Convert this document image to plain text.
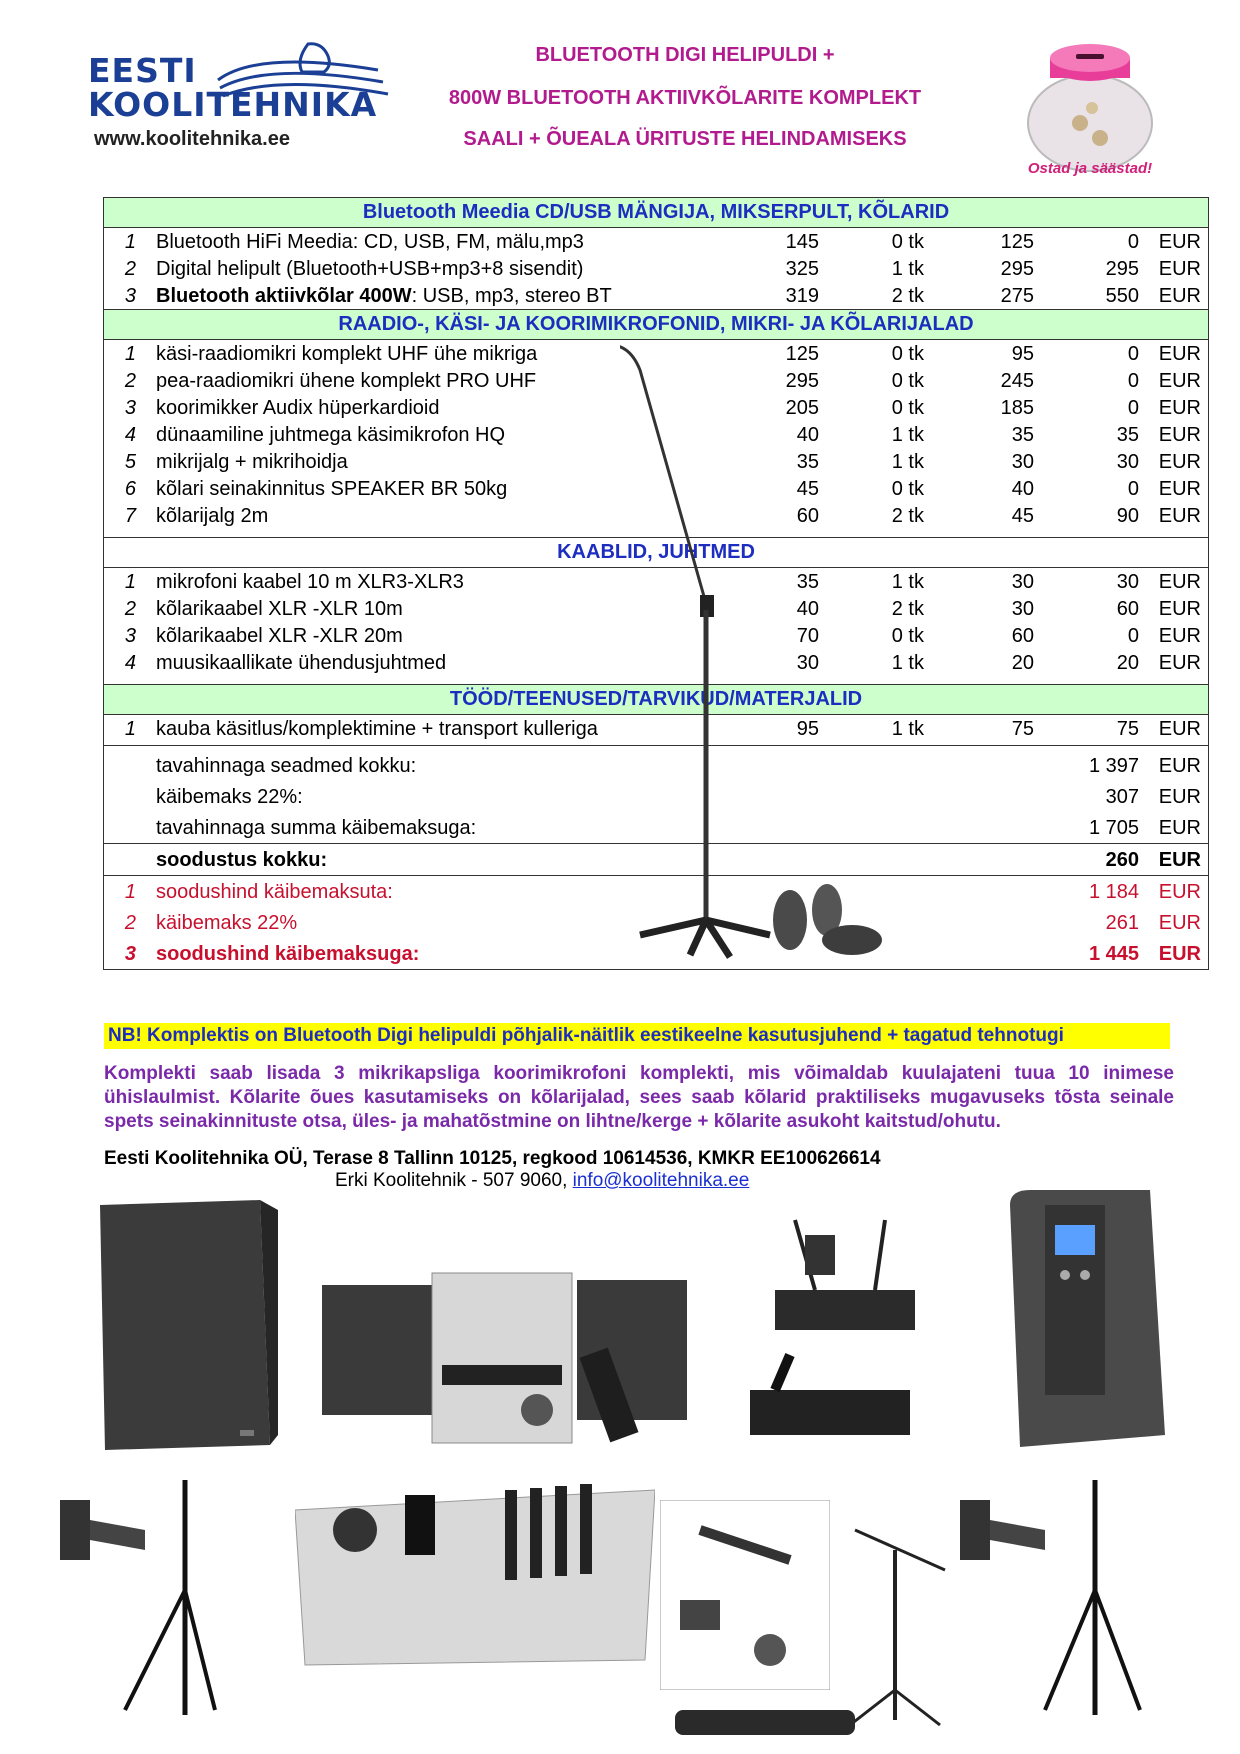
EESTI
KOOLITEHNIKA
www.koolitehnika.ee
BLUETOOTH DIGI HELIPULDI +
800W BLUETOOTH AKTIIVKÕLARITE KOMPLEKT
SAALI + ÕUEALA ÜRITUSTE HELINDAMISEKS
Ostad ja säästad!
Bluetooth Meedia CD/USB MÄNGIJA, MIKSERPULT, KÕLARID
1 Bluetooth HiFi Meedia: CD, USB, FM, mälu,mp3	145	0 tk	125	0 EUR
2 Digital helipult (Bluetooth+USB+mp3+8 sisendit)	325	1 tk	295	295 EUR
3 Bluetooth aktiivkõlar 400W: USB, mp3, stereo BT	319	2 tk	275	550 EUR
RAADIO-, KÄSI- JA KOORIMIKROFONID, MIKRI- JA KÕLARIJALAD
1 käsi-raadiomikri komplekt UHF ühe mikriga	125	0 tk	95	0 EUR
2 pea-raadiomikri ühene komplekt PRO UHF	295	0 tk	245	0 EUR
3 koorimikker Audix hüperkardioid	205	0 tk	185	0 EUR
4 dünaamiline juhtmega käsimikrofon HQ	40	1 tk	35	35 EUR
5 mikrijalg + mikrihoidja	35	1 tk	30	30 EUR
6 kõlari seinakinnitus SPEAKER BR 50kg	45	0 tk	40	0 EUR
7 kõlarijalg 2m	60	2 tk	45	90 EUR
KAABLID, JUHTMED
1 mikrofoni kaabel 10 m XLR3-XLR3	35	1 tk	30	30 EUR
2 kõlarikaabel XLR -XLR 10m	40	2 tk	30	60 EUR
3 kõlarikaabel XLR -XLR 20m	70	0 tk	60	0 EUR
4 muusikaallikate ühendusjuhtmed	30	1 tk	20	20 EUR
TÖÖD/TEENUSED/TARVIKUD/MATERJALID
1 kauba käsitlus/komplektimine + transport kulleriga	95	1 tk	75	75 EUR
tavahinnaga seadmed kokku:	1 397 EUR
käibemaks 22%:	307 EUR
tavahinnaga summa käibemaksuga:	1 705 EUR
soodustus kokku:	260 EUR
1 soodushind käibemaksuta:	1 184 EUR
2 käibemaks 22%	261 EUR
3 soodushind käibemaksuga:	1 445 EUR
NB! Komplektis on Bluetooth Digi helipuldi põhjalik-näitlik eestikeelne kasutusjuhend + tagatud tehnotugi
Komplekti saab lisada 3 mikrikapsliga koorimikrofoni komplekti, mis võimaldab kuulajateni tuua 10 inimese ühislaulmist. Kõlarite õues kasutamiseks on kõlarijalad, sees saab kõlarid praktiliseks mugavuseks tõsta seinale spets seinakinnituste otsa, üles- ja mahatõstmine on lihtne/kerge + kõlarite asukoht kaitstud/ohutu.
Eesti Koolitehnika OÜ, Terase 8 Tallinn 10125, regkood 10614536, KMKR EE100626614
Erki Koolitehnik - 507 9060, info@koolitehnika.ee
